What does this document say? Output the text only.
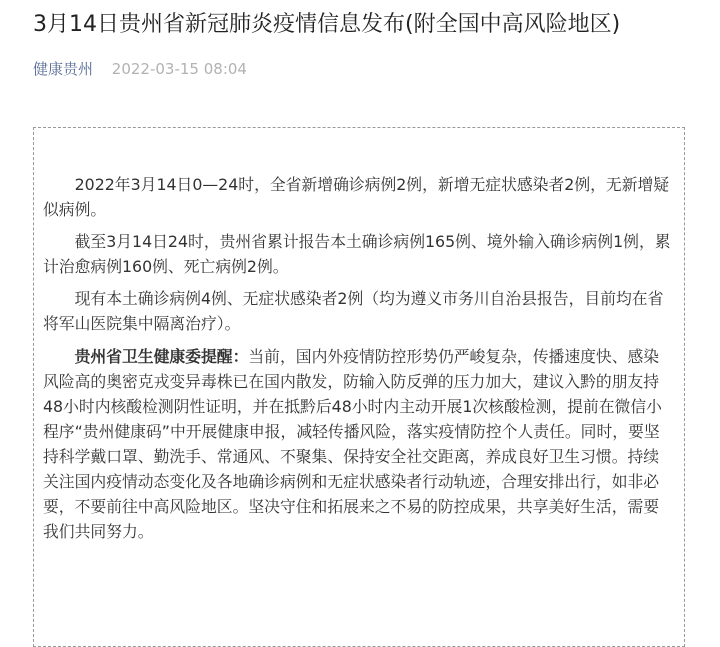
3月14日贵州省新冠肺炎疫情信息发布(附全国中高风险地区)
健康贵州 2022-03-15 08:04

2022年3月14日0—24时，全省新增确诊病例2例，新增无症状感染者2例，无新增疑似病例。

截至3月14日24时，贵州省累计报告本土确诊病例165例、境外输入确诊病例1例，累计治愈病例160例、死亡病例2例。

现有本土确诊病例4例、无症状感染者2例（均为遵义市务川自治县报告，目前均在省将军山医院集中隔离治疗）。

贵州省卫生健康委提醒：当前，国内外疫情防控形势仍严峻复杂，传播速度快、感染风险高的奥密克戎变异毒株已在国内散发，防输入防反弹的压力加大，建议入黔的朋友持48小时内核酸检测阴性证明，并在抵黔后48小时内主动开展1次核酸检测，提前在微信小程序“贵州健康码”中开展健康申报，减轻传播风险，落实疫情防控个人责任。同时，要坚持科学戴口罩、勤洗手、常通风、不聚集、保持安全社交距离，养成良好卫生习惯。持续关注国内疫情动态变化及各地确诊病例和无症状感染者行动轨迹，合理安排出行，如非必要，不要前往中高风险地区。坚决守住和拓展来之不易的防控成果，共享美好生活，需要我们共同努力。
